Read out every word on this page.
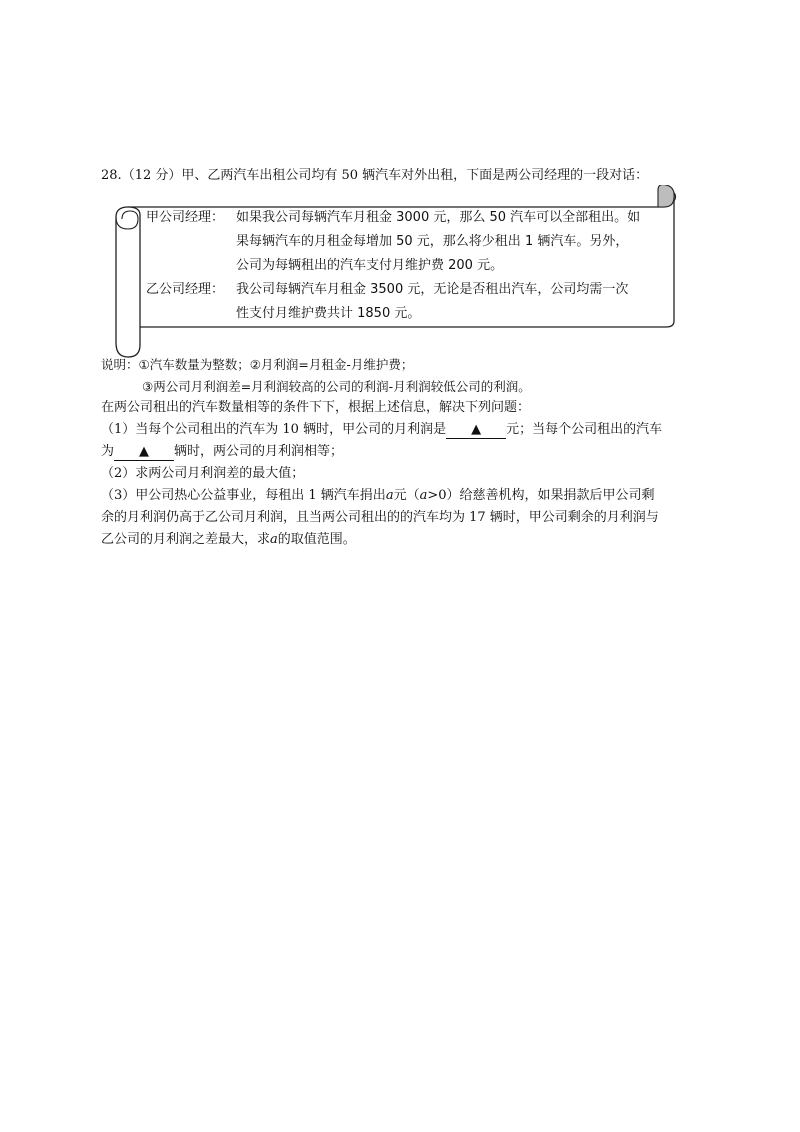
28.（12 分）甲、乙两汽车出租公司均有 50 辆汽车对外出租，下面是两公司经理的一段对话：
甲公司经理： 如果我公司每辆汽车月租金 3000 元，那么 50 汽车可以全部租出。如
果每辆汽车的月租金每增加 50 元，那么将少租出 1 辆汽车。另外，
公司为每辆租出的汽车支付月维护费 200 元。
乙公司经理： 我公司每辆汽车月租金 3500 元，无论是否租出汽车，公司均需一次
性支付月维护费共计 1850 元。
说明：①汽车数量为整数；②月利润=月租金-月维护费；
③两公司月利润差=月利润较高的公司的利润-月利润较低公司的利润。
在两公司租出的汽车数量相等的条件下下，根据上述信息，解决下列问题：
（1）当每个公司租出的汽车为 10 辆时，甲公司的月利润是 ▲ 元；当每个公司租出的汽车
为 ▲ 辆时，两公司的月利润相等；
（2）求两公司月利润差的最大值；
（3）甲公司热心公益事业，每租出 1 辆汽车捐出a元（a>0）给慈善机构，如果捐款后甲公司剩
余的月利润仍高于乙公司月利润，且当两公司租出的的汽车均为 17 辆时，甲公司剩余的月利润与
乙公司的月利润之差最大，求a的取值范围。
